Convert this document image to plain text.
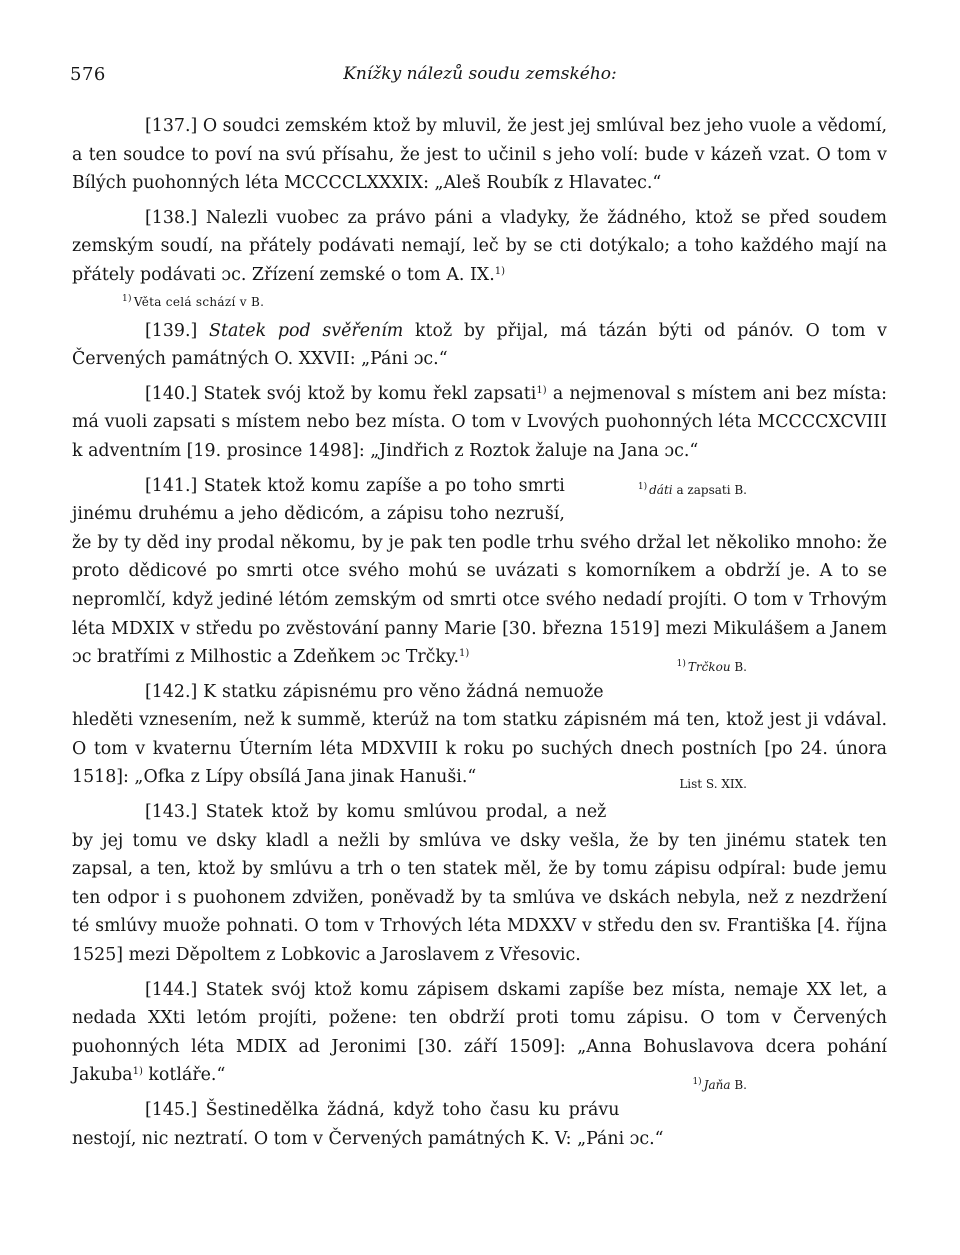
576	Knížky nálezů soudu zemského:

[137.] O soudci zemském ktož by mluvil, že jest jej smlúval bez jeho vuole a vědomí, a ten soudce to poví na svú přísahu, že jest to učinil s jeho volí: bude v kázeň vzat. O tom v Bílých puohonných léta MCCCCLXXXIX: „Aleš Roubík z Hlavatec.“

[138.] Nalezli vuobec za právo páni a vladyky, že žádného, ktož se před soudem zemským soudí, na přátely podávati nemají, leč by se cti dotýkalo; a toho každého mají na přátely podávati ɔc. Zřízení zemské o tom A. IX.$^{1)}$

$^{1)}$ Věta celá schází v B.

[139.] Statek pod svěřením ktož by přijal, má tázán býti od pánóv. O tom v Červených památných O. XXVII: „Páni ɔc.“

[140.] Statek svój ktož by komu řekl zapsati$^{1)}$ a nejmenoval s místem ani bez místa: má vuoli zapsati s místem nebo bez místa. O tom v Lvových puohonných léta MCCCCXCVIII k adventním [19. prosince 1498]: „Jindřich z Roztok žaluje na Jana ɔc.“
$^{1)}$ dáti a zapsati B.

[141.] Statek ktož komu zapíše a po toho smrti jinému druhému a jeho dědicóm, a zápisu toho nezruší, že by ty děd iny prodal někomu, by je pak ten podle trhu svého držal let několiko mnoho: že proto dědicové po smrti otce svého mohú se uvázati s komorníkem a obdrží je. A to se nepromlčí, když jediné létóm zemským od smrti otce svého nedadí projíti. O tom v Trhovým léta MDXIX v středu po zvěstování panny Marie [30. března 1519] mezi Mikulášem a Janem ɔc bratřími z Milhostic a Zdeňkem ɔc Trčky.$^{1)}$
$^{1)}$ Trčkou B.

[142.] K statku zápisnému pro věno žádná nemuože hleděti vznesením, než k summě, kterúž na tom statku zápisném má ten, ktož jest ji vdával. O tom v kvaternu Úterním léta MDXVIII k roku po suchých dnech postních [po 24. února 1518]: „Ofka z Lípy obsílá Jana jinak Hanuši.“	List S. XIX.

[143.] Statek ktož by komu smlúvou prodal, a než by jej tomu ve dsky kladl a nežli by smlúva ve dsky vešla, že by ten jinému statek ten zapsal, a ten, ktož by smlúvu a trh o ten statek měl, že by tomu zápisu odpíral: bude jemu ten odpor i s puohonem zdvižen, poněvadž by ta smlúva ve dskách nebyla, než z nezdržení té smlúvy muože pohnati. O tom v Trhových léta MDXXV v středu den sv. Františka [4. října 1525] mezi Děpoltem z Lobkovic a Jaroslavem z Vřesovic.

[144.] Statek svój ktož komu zápisem dskami zapíše bez místa, nemaje XX let, a nedada XXti letóm projíti, požene: ten obdrží proti tomu zápisu. O tom v Červených puohonných léta MDIX ad Jeronimi [30. září 1509]: „Anna Bohuslavova dcera pohání Jakuba$^{1)}$ kotláře.“	$^{1)}$ Jaňa B.

[145.] Šestinedělka žádná, když toho času ku právu nestojí, nic neztratí. O tom v Červených památných K. V: „Páni ɔc.“
